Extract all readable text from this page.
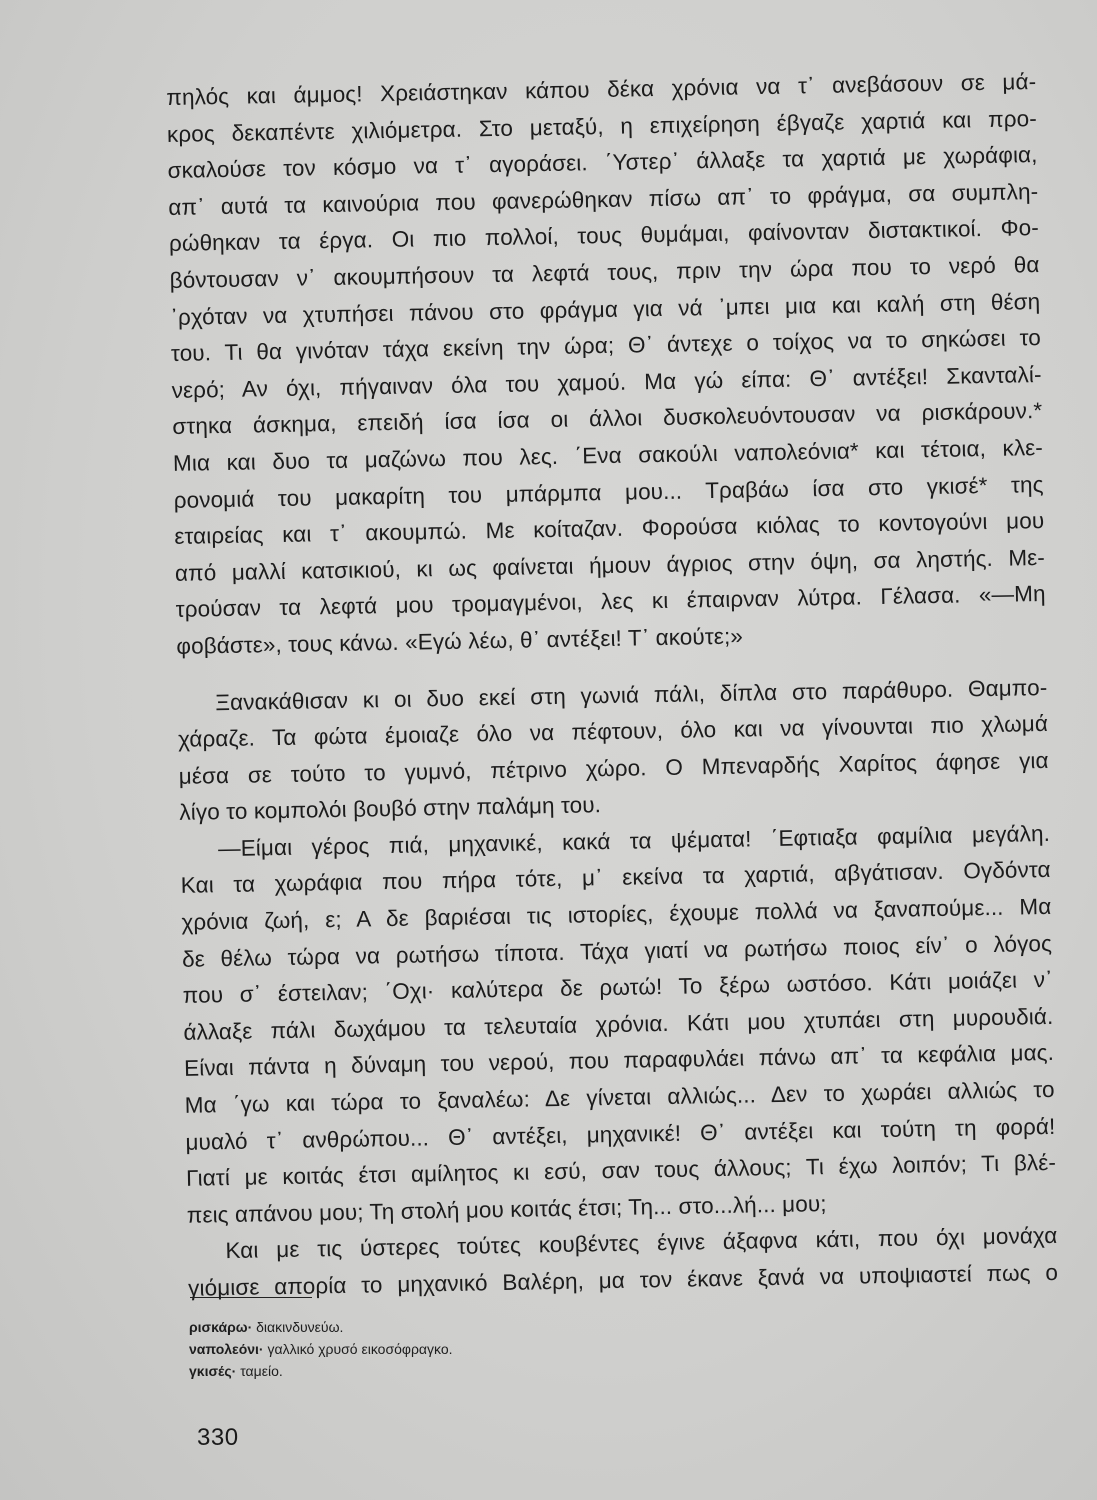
πηλός και άμμος! Χρειάστηκαν κάπου δέκα χρόνια να τ᾿ ανεβάσουν σε μά-
κρος δεκαπέντε χιλιόμετρα. Στο μεταξύ, η επιχείρηση έβγαζε χαρτιά και προ-
σκαλούσε τον κόσμο να τ᾿ αγοράσει. ΄Υστερ᾿ άλλαξε τα χαρτιά με χωράφια,
απ᾿ αυτά τα καινούρια που φανερώθηκαν πίσω απ᾿ το φράγμα, σα συμπλη-
ρώθηκαν τα έργα. Οι πιο πολλοί, τους θυμάμαι, φαίνονταν διστακτικοί. Φο-
βόντουσαν ν᾿ ακουμπήσουν τα λεφτά τους, πριν την ώρα που το νερό θα
᾿ρχόταν να χτυπήσει πάνου στο φράγμα για νά ᾿μπει μια και καλή στη θέση
του. Τι θα γινόταν τάχα εκείνη την ώρα; Θ᾿ άντεχε ο τοίχος να το σηκώσει το
νερό; Αν όχι, πήγαιναν όλα του χαμού. Μα γώ είπα: Θ᾿ αντέξει! Σκανταλί-
στηκα άσκημα, επειδή ίσα ίσα οι άλλοι δυσκολευόντουσαν να ρισκάρουν.*
Μια και δυο τα μαζώνω που λες. ΄Ενα σακούλι ναπολεόνια* και τέτοια, κλε-
ρονομιά του μακαρίτη του μπάρμπα μου... Τραβάω ίσα στο γκισέ* της
εταιρείας και τ᾿ ακουμπώ. Με κοίταζαν. Φορούσα κιόλας το κοντογούνι μου
από μαλλί κατσικιού, κι ως φαίνεται ήμουν άγριος στην όψη, σα ληστής. Με-
τρούσαν τα λεφτά μου τρομαγμένοι, λες κι έπαιρναν λύτρα. Γέλασα. «—Μη
φοβάστε», τους κάνω. «Εγώ λέω, θ᾿ αντέξει! Τ᾿ ακούτε;»
Ξανακάθισαν κι οι δυο εκεί στη γωνιά πάλι, δίπλα στο παράθυρο. Θαμπο-
χάραζε. Τα φώτα έμοιαζε όλο να πέφτουν, όλο και να γίνουνται πιο χλωμά
μέσα σε τούτο το γυμνό, πέτρινο χώρο. Ο Μπεναρδής Χαρίτος άφησε για
λίγο το κομπολόι βουβό στην παλάμη του.
—Είμαι γέρος πιά, μηχανικέ, κακά τα ψέματα! ΄Εφτιαξα φαμίλια μεγάλη.
Και τα χωράφια που πήρα τότε, μ᾿ εκείνα τα χαρτιά, αβγάτισαν. Ογδόντα
χρόνια ζωή, ε; Α δε βαριέσαι τις ιστορίες, έχουμε πολλά να ξαναπούμε... Μα
δε θέλω τώρα να ρωτήσω τίποτα. Τάχα γιατί να ρωτήσω ποιος είν᾿ ο λόγος
που σ᾿ έστειλαν; ΄Οχι· καλύτερα δε ρωτώ! Το ξέρω ωστόσο. Κάτι μοιάζει ν᾿
άλλαξε πάλι δωχάμου τα τελευταία χρόνια. Κάτι μου χτυπάει στη μυρουδιά.
Είναι πάντα η δύναμη του νερού, που παραφυλάει πάνω απ᾿ τα κεφάλια μας.
Μα ΄γω και τώρα το ξαναλέω: Δε γίνεται αλλιώς... Δεν το χωράει αλλιώς το
μυαλό τ᾿ ανθρώπου... Θ᾿ αντέξει, μηχανικέ! Θ᾿ αντέξει και τούτη τη φορά!
Γιατί με κοιτάς έτσι αμίλητος κι εσύ, σαν τους άλλους; Τι έχω λοιπόν; Τι βλέ-
πεις απάνου μου; Τη στολή μου κοιτάς έτσι; Τη... στο...λή... μου;
Και με τις ύστερες τούτες κουβέντες έγινε άξαφνα κάτι, που όχι μονάχα
γιόμισε απορία το μηχανικό Βαλέρη, μα τον έκανε ξανά να υποψιαστεί πως ο
ρισκάρω· διακινδυνεύω.
ναπολεόνι· γαλλικό χρυσό εικοσόφραγκο.
γκισές· ταμείο.
330
